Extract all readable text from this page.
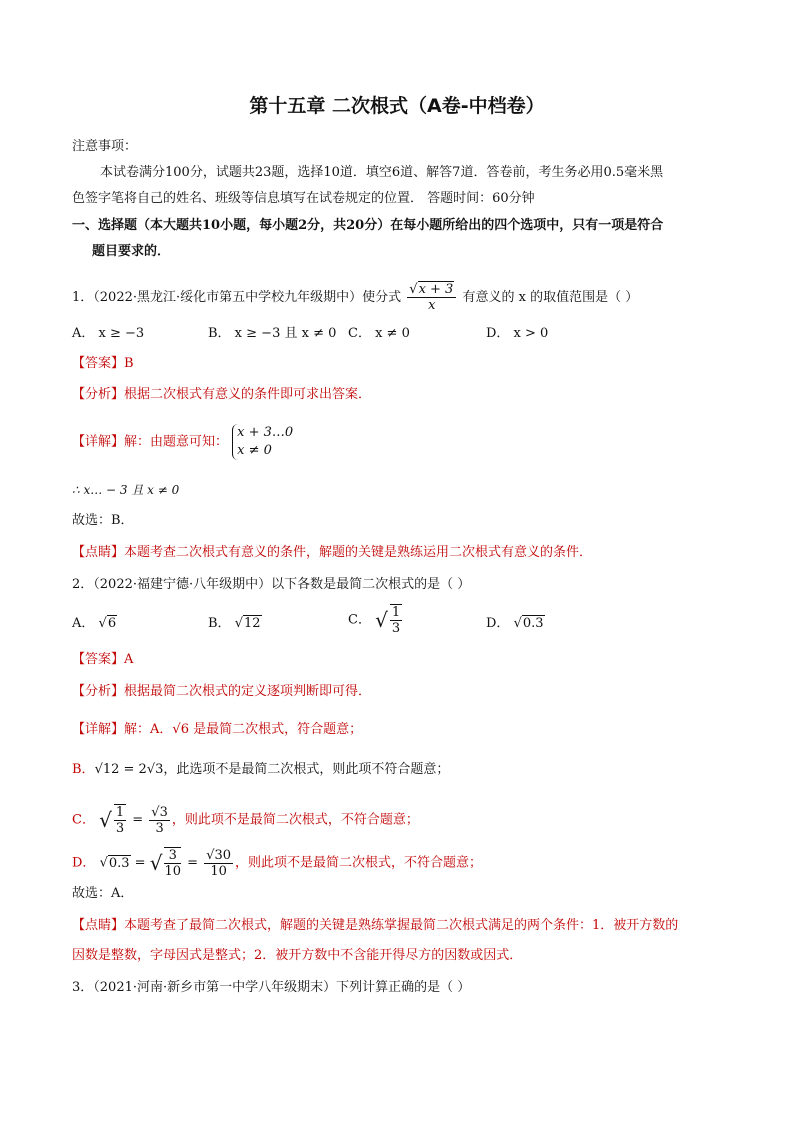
第十五章 二次根式（A卷-中档卷）
注意事项：
本试卷满分100分，试题共23题，选择10道．填空6道、解答7道．答卷前，考生务必用0.5毫米黑
色签字笔将自己的姓名、班级等信息填写在试卷规定的位置． 答题时间：60分钟
一、选择题（本大题共10小题，每小题2分，共20分）在每小题所给出的四个选项中，只有一项是符合
题目要求的．
1．（2022·黑龙江·绥化市第五中学校九年级期中）使分式 $\frac{√x + 3}{x}$ 有意义的 x 的取值范围是（ ）
A． x ≥ −3	B． x ≥ −3 且 x ≠ 0 C． x ≠ 0	D． x > 0
【答案】B
【分析】根据二次根式有意义的条件即可求出答案．
【详解】解：由题意可知：
x + 3…0
x ≠ 0
∴ x… − 3 且 x ≠ 0
故选：B．
【点睛】本题考查二次根式有意义的条件，解题的关键是熟练运用二次根式有意义的条件．
2．（2022·福建宁德·八年级期中）以下各数是最简二次根式的是（ ）
A． √6	B． √12	C． √ $\frac{1}{3}$	D． √0.3
【答案】A
【分析】根据最简二次根式的定义逐项判断即可得．
【详解】解：A．√6 是最简二次根式，符合题意；
B．√12 = 2√3，此选项不是最简二次根式，则此项不符合题意；
C． √ $\frac{1}{3} = \frac{√3}{3}$ ，则此项不是最简二次根式，不符合题意；
D． √0.3 = √ $\frac{3}{10} = \frac{√30}{10}$ ，则此项不是最简二次根式，不符合题意；
故选：A．
【点睛】本题考查了最简二次根式，解题的关键是熟练掌握最简二次根式满足的两个条件：1．被开方数的
因数是整数，字母因式是整式；2．被开方数中不含能开得尽方的因数或因式．
3．（2021·河南·新乡市第一中学八年级期末）下列计算正确的是（ ）
